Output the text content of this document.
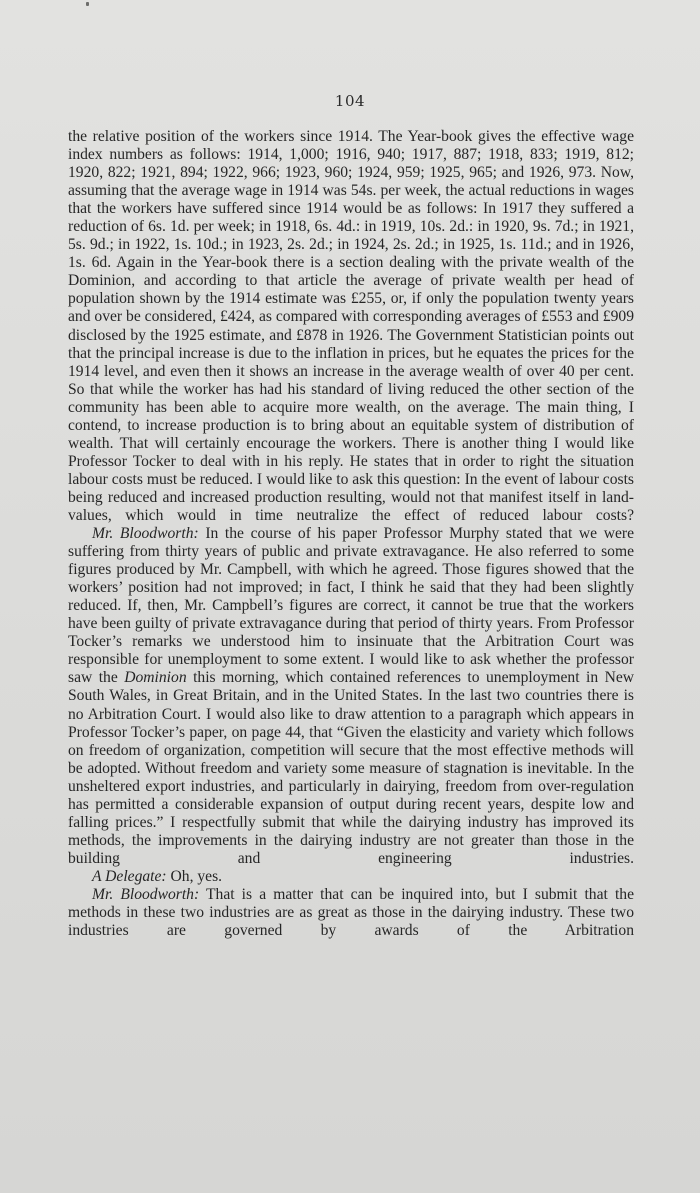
104

the relative position of the workers since 1914. The Year-book gives the effective wage index numbers as follows: 1914, 1,000; 1916, 940; 1917, 887; 1918, 833; 1919, 812; 1920, 822; 1921, 894; 1922, 966; 1923, 960; 1924, 959; 1925, 965; and 1926, 973. Now, assuming that the average wage in 1914 was 54s. per week, the actual reductions in wages that the workers have suffered since 1914 would be as follows: In 1917 they suffered a reduction of 6s. 1d. per week; in 1918, 6s. 4d.: in 1919, 10s. 2d.: in 1920, 9s. 7d.; in 1921, 5s. 9d.; in 1922, 1s. 10d.; in 1923, 2s. 2d.; in 1924, 2s. 2d.; in 1925, 1s. 11d.; and in 1926, 1s. 6d. Again in the Year-book there is a section dealing with the private wealth of the Dominion, and according to that article the average of private wealth per head of population shown by the 1914 estimate was £255, or, if only the population twenty years and over be considered, £424, as compared with corresponding averages of £553 and £909 disclosed by the 1925 estimate, and £878 in 1926. The Government Statistician points out that the principal increase is due to the inflation in prices, but he equates the prices for the 1914 level, and even then it shows an increase in the average wealth of over 40 per cent. So that while the worker has had his standard of living reduced the other section of the community has been able to acquire more wealth, on the average. The main thing, I contend, to increase production is to bring about an equitable system of distribution of wealth. That will certainly encourage the workers. There is another thing I would like Professor Tocker to deal with in his reply. He states that in order to right the situation labour costs must be reduced. I would like to ask this question: In the event of labour costs being reduced and increased production resulting, would not that manifest itself in land-values, which would in time neutralize the effect of reduced labour costs?

Mr. Bloodworth: In the course of his paper Professor Murphy stated that we were suffering from thirty years of public and private extravagance. He also referred to some figures produced by Mr. Campbell, with which he agreed. Those figures showed that the workers’ position had not improved; in fact, I think he said that they had been slightly reduced. If, then, Mr. Campbell’s figures are correct, it cannot be true that the workers have been guilty of private extravagance during that period of thirty years. From Professor Tocker’s remarks we understood him to insinuate that the Arbitration Court was responsible for unemployment to some extent. I would like to ask whether the professor saw the Dominion this morning, which contained references to unemployment in New South Wales, in Great Britain, and in the United States. In the last two countries there is no Arbitration Court. I would also like to draw attention to a paragraph which appears in Professor Tocker’s paper, on page 44, that “Given the elasticity and variety which follows on freedom of organization, competition will secure that the most effective methods will be adopted. Without freedom and variety some measure of stagnation is inevitable. In the unsheltered export industries, and particularly in dairying, freedom from over-regulation has permitted a considerable expansion of output during recent years, despite low and falling prices.” I respectfully submit that while the dairying industry has improved its methods, the improvements in the dairying industry are not greater than those in the building and engineering industries.

A Delegate: Oh, yes.

Mr. Bloodworth: That is a matter that can be inquired into, but I submit that the methods in these two industries are as great as those in the dairying industry. These two industries are governed by awards of the Arbitration
